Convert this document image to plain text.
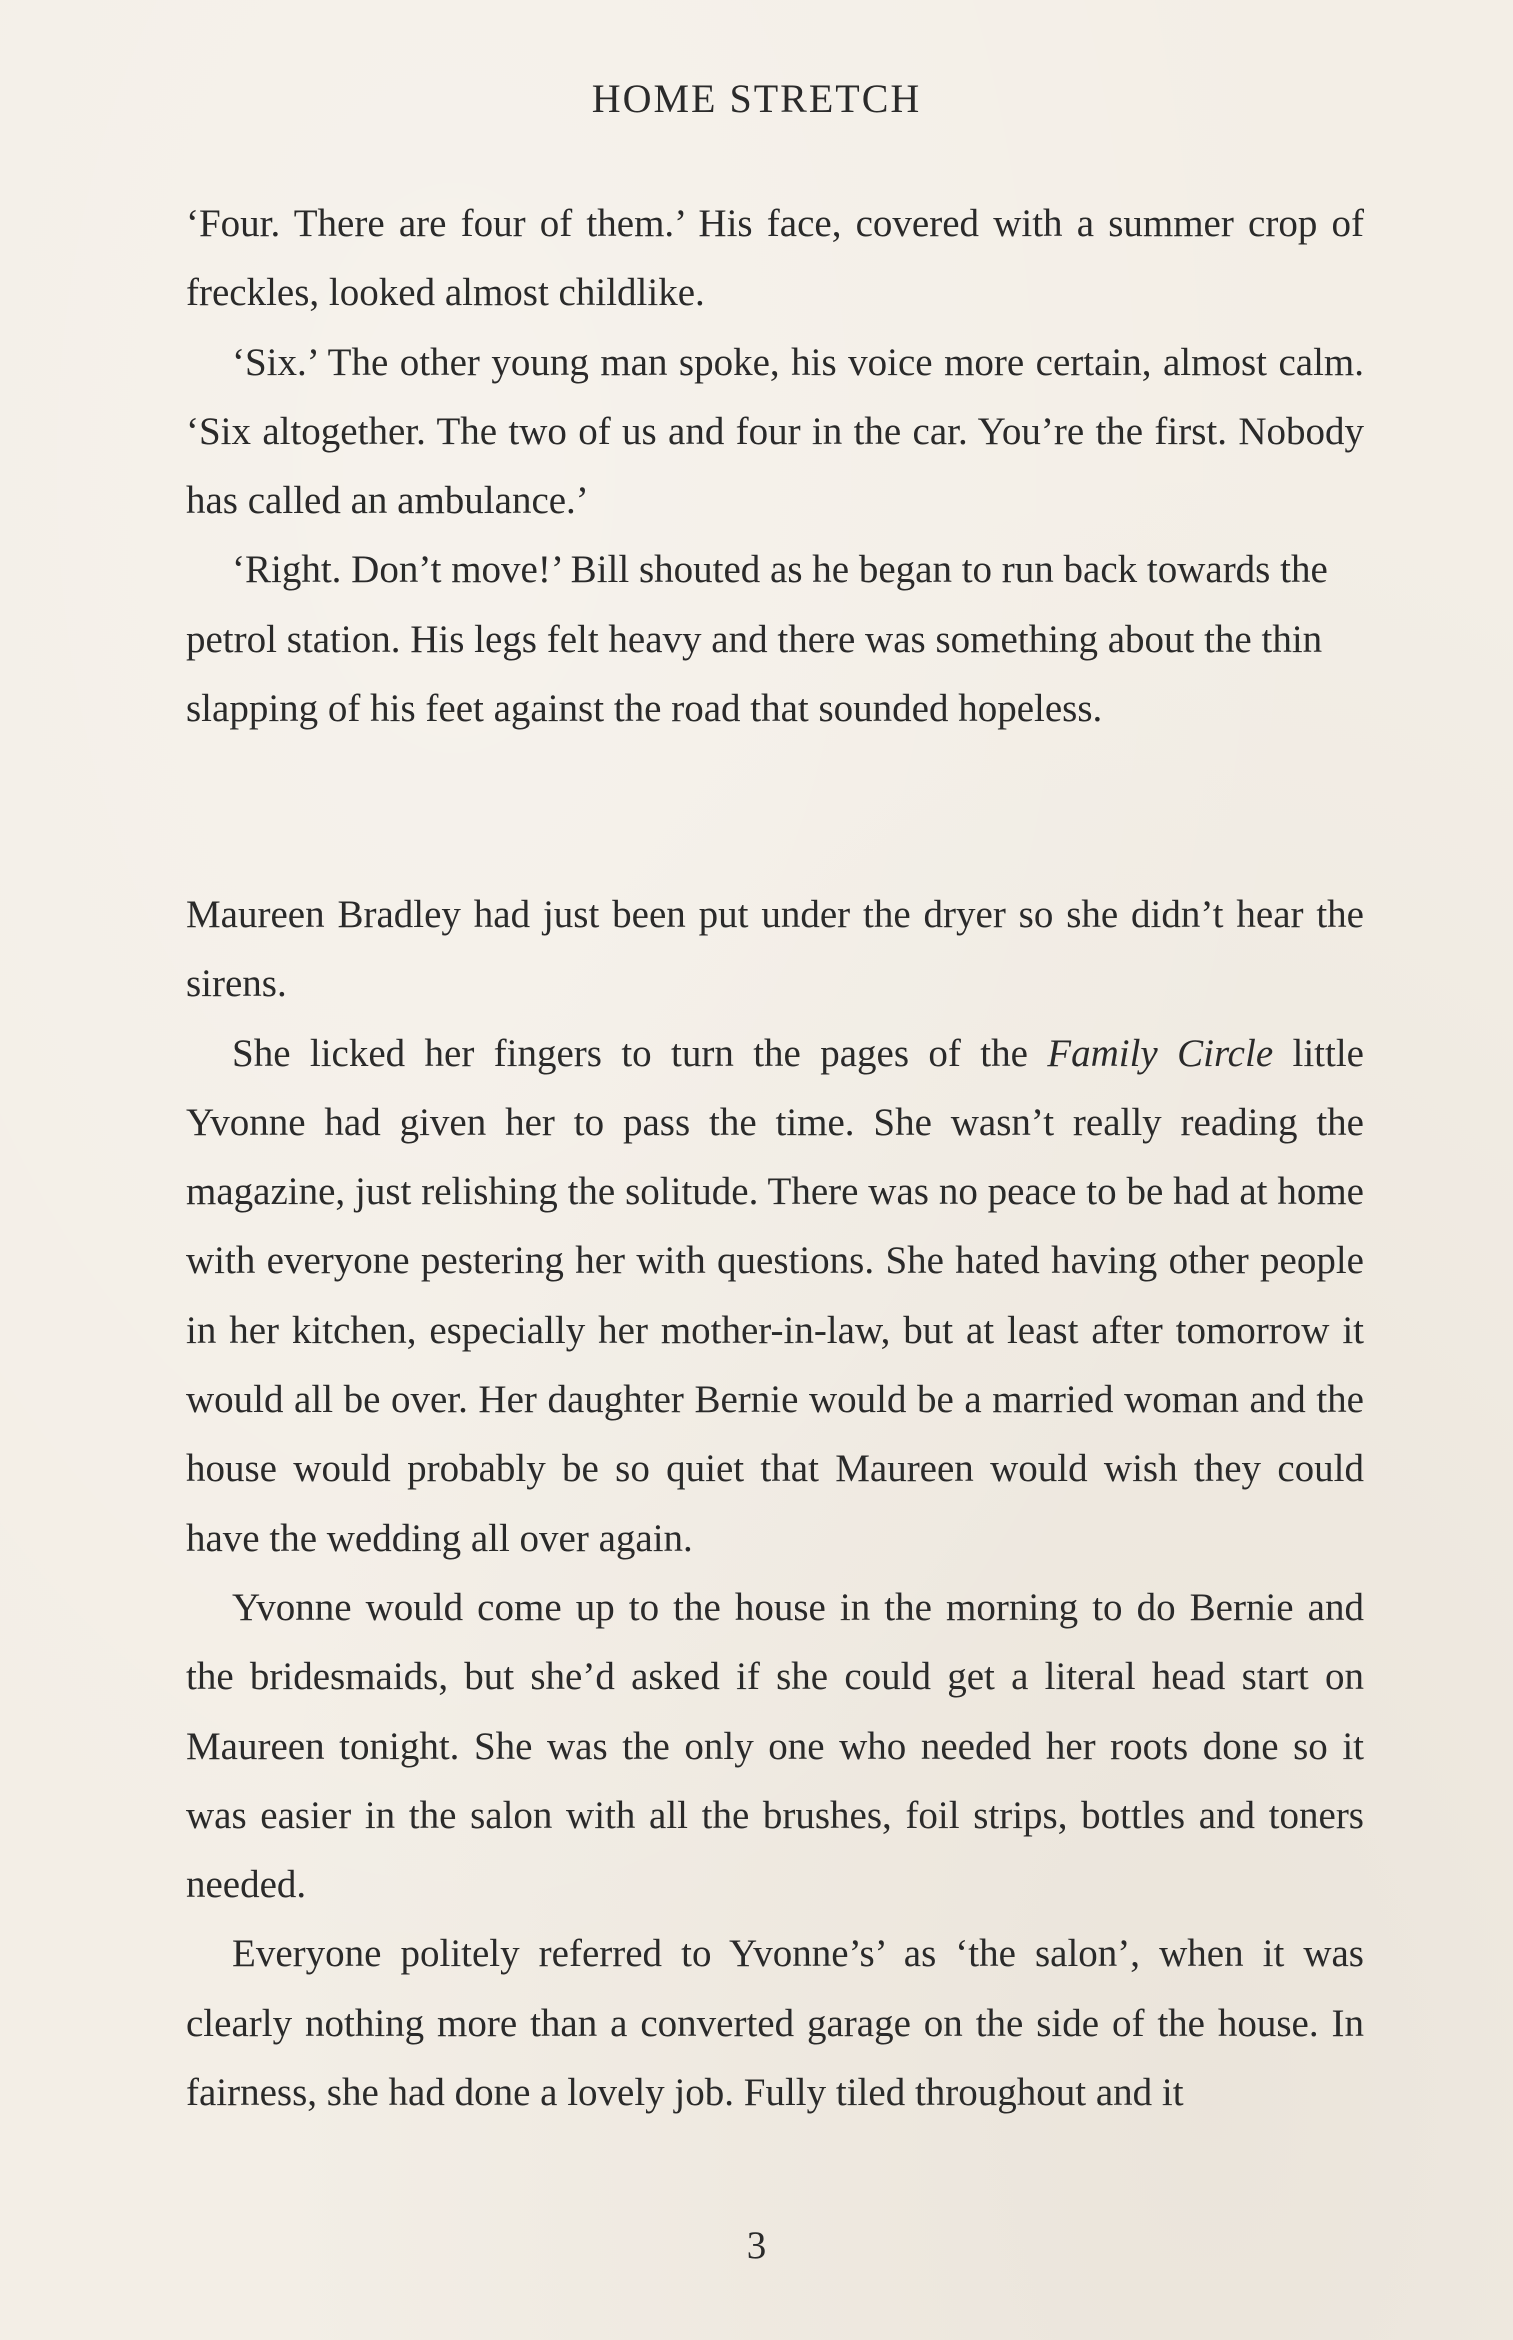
HOME STRETCH

‘Four. There are four of them.’ His face, covered with a summer crop of freckles, looked almost childlike.

‘Six.’ The other young man spoke, his voice more certain, almost calm. ‘Six altogether. The two of us and four in the car. You’re the first. Nobody has called an ambulance.’

‘Right. Don’t move!’ Bill shouted as he began to run back towards the petrol station. His legs felt heavy and there was something about the thin slapping of his feet against the road that sounded hopeless.

Maureen Bradley had just been put under the dryer so she didn’t hear the sirens.

She licked her fingers to turn the pages of the Family Circle little Yvonne had given her to pass the time. She wasn’t really reading the magazine, just relishing the solitude. There was no peace to be had at home with everyone pestering her with questions. She hated having other people in her kitchen, especially her mother-in-law, but at least after tomorrow it would all be over. Her daughter Bernie would be a married woman and the house would probably be so quiet that Maureen would wish they could have the wedding all over again.

Yvonne would come up to the house in the morning to do Bernie and the bridesmaids, but she’d asked if she could get a literal head start on Maureen tonight. She was the only one who needed her roots done so it was easier in the salon with all the brushes, foil strips, bottles and toners needed.

Everyone politely referred to Yvonne’s’ as ‘the salon’, when it was clearly nothing more than a converted garage on the side of the house. In fairness, she had done a lovely job. Fully tiled throughout and it

3
